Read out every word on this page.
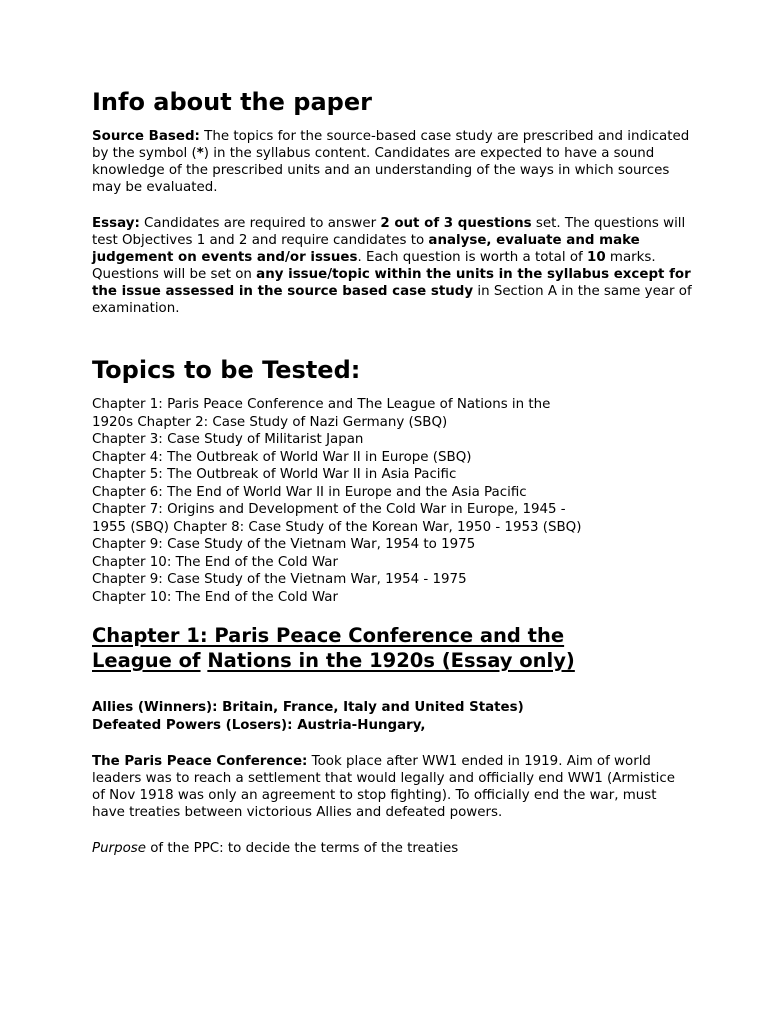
Info about the paper

Source Based: The topics for the source-based case study are prescribed and indicated by the symbol (*) in the syllabus content. Candidates are expected to have a sound knowledge of the prescribed units and an understanding of the ways in which sources may be evaluated.

Essay: Candidates are required to answer 2 out of 3 questions set. The questions will test Objectives 1 and 2 and require candidates to analyse, evaluate and make judgement on events and/or issues. Each question is worth a total of 10 marks. Questions will be set on any issue/topic within the units in the syllabus except for the issue assessed in the source based case study in Section A in the same year of examination.

Topics to be Tested:
Chapter 1: Paris Peace Conference and The League of Nations in the 1920s Chapter 2: Case Study of Nazi Germany (SBQ)
Chapter 3: Case Study of Militarist Japan
Chapter 4: The Outbreak of World War II in Europe (SBQ)
Chapter 5: The Outbreak of World War II in Asia Pacific
Chapter 6: The End of World War II in Europe and the Asia Pacific
Chapter 7: Origins and Development of the Cold War in Europe, 1945 - 1955 (SBQ) Chapter 8: Case Study of the Korean War, 1950 - 1953 (SBQ)
Chapter 9: Case Study of the Vietnam War, 1954 to 1975
Chapter 10: The End of the Cold War
Chapter 9: Case Study of the Vietnam War, 1954 - 1975
Chapter 10: The End of the Cold War
Chapter 1: Paris Peace Conference and the League of Nations in the 1920s (Essay only)
Allies (Winners): Britain, France, Italy and United States)
Defeated Powers (Losers): Austria-Hungary,

The Paris Peace Conference: Took place after WW1 ended in 1919. Aim of world leaders was to reach a settlement that would legally and officially end WW1 (Armistice of Nov 1918 was only an agreement to stop fighting). To officially end the war, must have treaties between victorious Allies and defeated powers.

Purpose of the PPC: to decide the terms of the treaties
